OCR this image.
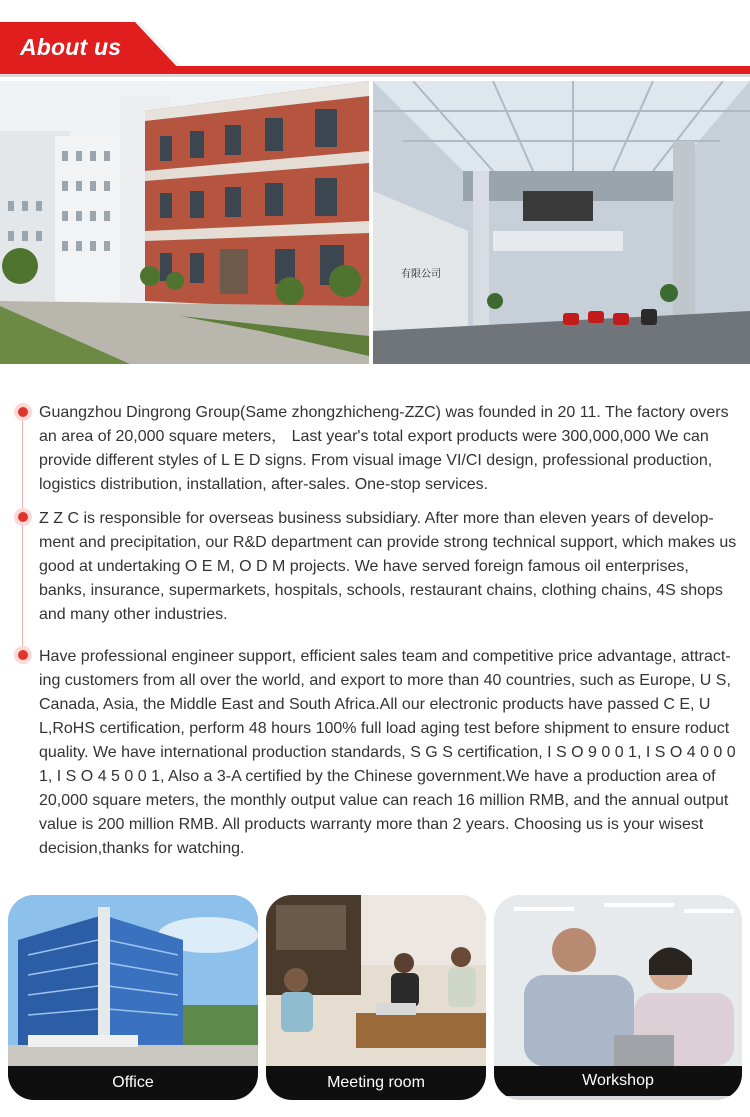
About us
有限公司
Guangzhou Dingrong Group(Same zhongzhicheng-ZZC) was founded in 20 11. The factory overs an area of 20,000 square meters， Last year's total export products were 300,000,000 We can provide different styles of L E D signs. From visual image VI/CI design, professional production, logistics distribution, installation, after-sales. One-stop services.
Z Z C is responsible for overseas business subsidiary. After more than eleven years of develop-ment and precipitation, our R&D department can provide strong technical support, which makes us good at undertaking O E M, O D M projects. We have served foreign famous oil enterprises, banks, insurance, supermarkets, hospitals, schools, restaurant chains, clothing chains, 4S shops and many other industries.
Have professional engineer support, efficient sales team and competitive price advantage, attract-ing customers from all over the world, and export to more than 40 countries, such as Europe, U S, Canada, Asia, the Middle East and South Africa.All our electronic products have passed C E, U L,RoHS certification, perform 48 hours 100% full load aging test before shipment to ensure roduct quality. We have international production standards, S G S certification, I S O 9 0 0 1, I S O 4 0 0 0 1, I S O 4 5 0 0 1, Also a 3-A certified by the Chinese government.We have a production area of 20,000 square meters, the monthly output value can reach 16 million RMB, and the annual output value is 200 million RMB. All products warranty more than 2 years. Choosing us is your wisest decision,thanks for watching.
Office	Meeting room	Workshop
